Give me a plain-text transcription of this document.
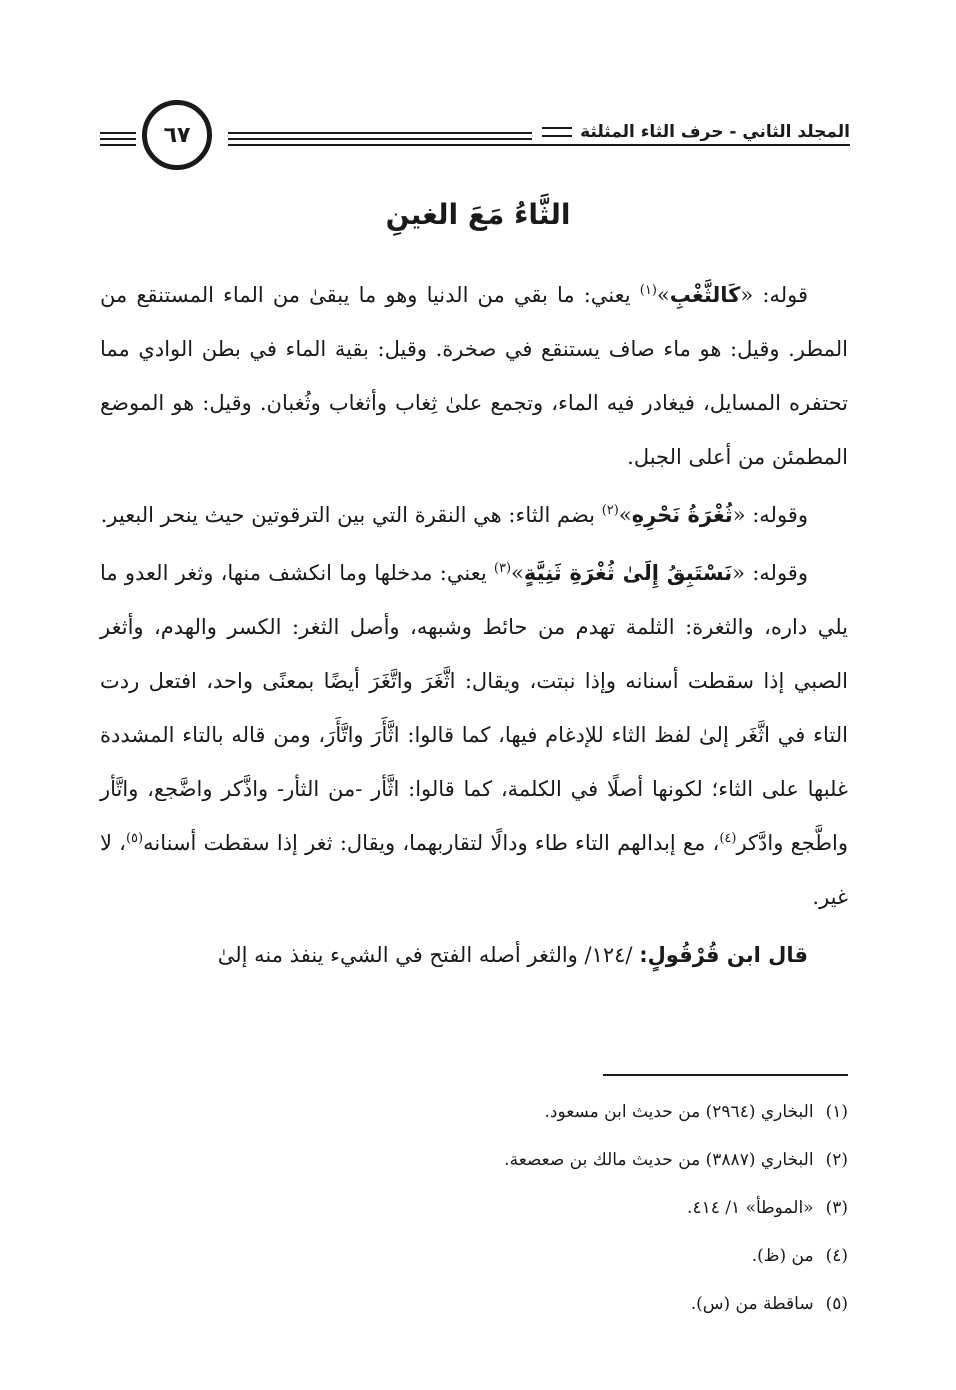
٦٧	المجلد الثاني - حرف الثاء المثلثة
الثَّاءُ مَعَ الغينِ

قوله: «كَالثَّغْبِ»$^{(١)}$ يعني: ما بقي من الدنيا وهو ما يبقىٰ من الماء المستنقع من المطر. وقيل: هو ماء صاف يستنقع في صخرة. وقيل: بقية الماء في بطن الوادي مما تحتفره المسايل، فيغادر فيه الماء، وتجمع علىٰ ثِغاب وأثغاب وثُغبان. وقيل: هو الموضع المطمئن من أعلى الجبل.

وقوله: «ثُغْرَةُ نَحْرِهِ»$^{(٢)}$ بضم الثاء: هي النقرة التي بين الترقوتين حيث ينحر البعير.

وقوله: «نَسْتَبِقُ إِلَىٰ ثُغْرَةِ ثَنِيَّةٍ»$^{(٣)}$ يعني: مدخلها وما انكشف منها، وثغر العدو ما يلي داره، والثغرة: الثلمة تهدم من حائط وشبهه، وأصل الثغر: الكسر والهدم، وأثغر الصبي إذا سقطت أسنانه وإذا نبتت، ويقال: اثَّغَرَ واتَّغَرَ أيضًا بمعنًى واحد، افتعل ردت التاء في اثَّغَر إلىٰ لفظ الثاء للإدغام فيها، كما قالوا: اثَّأَرَ واتَّأَرَ، ومن قاله بالتاء المشددة غلبها على الثاء؛ لكونها أصلًا في الكلمة، كما قالوا: اثَّأر -من الثأر- واذَّكر واضَّجع، واتَّأر واطَّجع وادَّكر$^{(٤)}$، مع إبدالهم التاء طاء ودالًا لتقاربهما، ويقال: ثغر إذا سقطت أسنانه$^{(٥)}$، لا غير.

قال ابن قُرْقُولٍ: /١٢٤/ والثغر أصله الفتح في الشيء ينفذ منه إلىٰ

(١)البخاري (٢٩٦٤) من حديث ابن مسعود.

(٢)البخاري (٣٨٨٧) من حديث مالك بن صعصعة.

(٣)«الموطأ» ١/ ٤١٤.

(٤)من (ظ).

(٥)ساقطة من (س).
